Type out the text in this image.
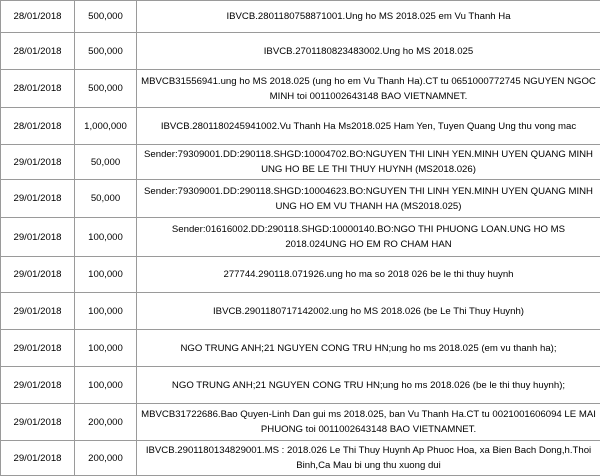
28/01/2018	500,000	IBVCB.2801180758871001.Ung ho MS 2018.025 em Vu Thanh Ha
28/01/2018	500,000	IBVCB.2701180823483002.Ung ho MS 2018.025
28/01/2018	500,000	MBVCB31556941.ung ho MS 2018.025 (ung ho em Vu Thanh Ha).CT tu 0651000772745 NGUYEN NGOC MINH toi 0011002643148 BAO VIETNAMNET.
28/01/2018	1,000,000	IBVCB.2801180245941002.Vu Thanh Ha Ms2018.025 Ham Yen, Tuyen Quang Ung thu vong mac
29/01/2018	50,000	Sender:79309001.DD:290118.SHGD:10004702.BO:NGUYEN THI LINH YEN.MINH UYEN QUANG MINH UNG HO BE LE THI THUY HUYNH (MS2018.026)
29/01/2018	50,000	Sender:79309001.DD:290118.SHGD:10004623.BO:NGUYEN THI LINH YEN.MINH UYEN QUANG MINH UNG HO EM VU THANH HA (MS2018.025)
29/01/2018	100,000	Sender:01616002.DD:290118.SHGD:10000140.BO:NGO THI PHUONG LOAN.UNG HO MS 2018.024UNG HO EM RO CHAM HAN
29/01/2018	100,000	277744.290118.071926.ung ho ma so 2018 026 be le thi thuy huynh
29/01/2018	100,000	IBVCB.2901180717142002.ung ho MS 2018.026 (be Le Thi Thuy Huynh)
29/01/2018	100,000	NGO TRUNG ANH;21 NGUYEN CONG TRU HN;ung ho ms 2018.025 (em vu thanh ha);
29/01/2018	100,000	NGO TRUNG ANH;21 NGUYEN CONG TRU HN;ung ho ms 2018.026 (be le thi thuy huynh);
29/01/2018	200,000	MBVCB31722686.Bao Quyen-Linh Dan gui ms 2018.025, ban Vu Thanh Ha.CT tu 0021001606094 LE MAI PHUONG toi 0011002643148 BAO VIETNAMNET.
29/01/2018	200,000	IBVCB.2901180134829001.MS : 2018.026 Le Thi Thuy Huynh Ap Phuoc Hoa, xa Bien Bach Dong,h.Thoi Binh,Ca Mau bi ung thu xuong dui
